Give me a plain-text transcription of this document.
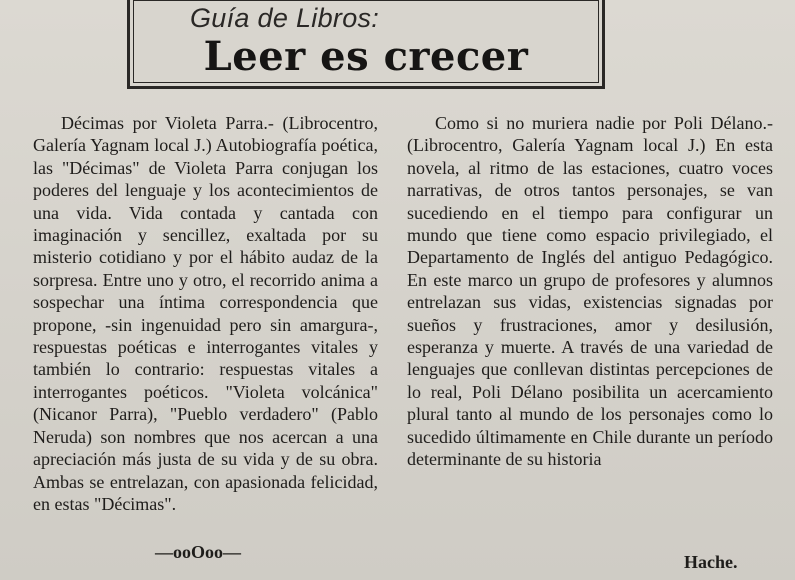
Guía de Libros:
Leer es crecer
Décimas por Violeta Parra.- (Librocentro, Galería Yagnam local J.) Autobiografía poética, las "Décimas" de Violeta Parra conjugan los poderes del lenguaje y los acontecimientos de una vida. Vida contada y cantada con imaginación y sencillez, exaltada por su misterio cotidiano y por el hábito audaz de la sorpresa. Entre uno y otro, el recorrido anima a sospechar una íntima correspondencia que propone, -sin ingenuidad pero sin amargura-, respuestas poéticas e interrogantes vitales y también lo contrario: respuestas vitales a interrogantes poéticos. "Violeta volcánica" (Nicanor Parra), "Pueblo verdadero" (Pablo Neruda) son nombres que nos acercan a una apreciación más justa de su vida y de su obra. Ambas se entrelazan, con apasionada felicidad, en estas "Décimas".
—ooOoo—
Como si no muriera nadie por Poli Délano.- (Librocentro, Galería Yagnam local J.) En esta novela, al ritmo de las estaciones, cuatro voces narrativas, de otros tantos personajes, se van sucediendo en el tiempo para configurar un mundo que tiene como espacio privilegiado, el Departamento de Inglés del antiguo Pedagógico. En este marco un grupo de profesores y alumnos entrelazan sus vidas, existencias signadas por sueños y frustraciones, amor y desilusión, esperanza y muerte. A través de una variedad de lenguajes que conllevan distintas percepciones de lo real, Poli Délano posibilita un acercamiento plural tanto al mundo de los personajes como lo sucedido últimamente en Chile durante un período determinante de su historia
Hache.
